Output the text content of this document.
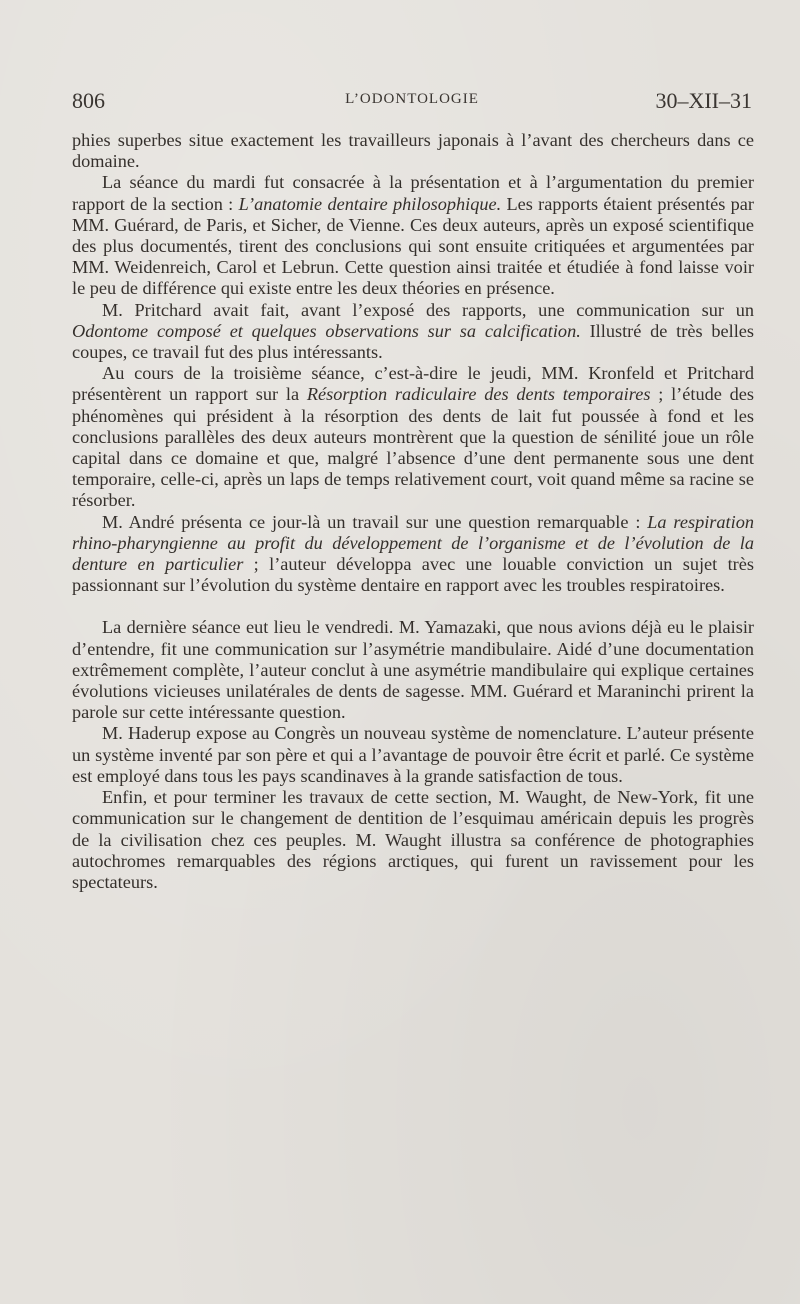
806	L’ODONTOLOGIE	30–XII–31

phies superbes situe exactement les travailleurs japonais à l’avant des chercheurs dans ce domaine.

La séance du mardi fut consacrée à la présentation et à l’argumentation du premier rapport de la section : L’anatomie dentaire philosophique. Les rapports étaient présentés par MM. Guérard, de Paris, et Sicher, de Vienne. Ces deux auteurs, après un exposé scientifique des plus documentés, tirent des conclusions qui sont ensuite critiquées et argumentées par MM. Weidenreich, Carol et Lebrun. Cette question ainsi traitée et étudiée à fond laisse voir le peu de différence qui existe entre les deux théories en présence.

M. Pritchard avait fait, avant l’exposé des rapports, une communication sur un Odontome composé et quelques observations sur sa calcification. Illustré de très belles coupes, ce travail fut des plus intéressants.

Au cours de la troisième séance, c’est-à-dire le jeudi, MM. Kronfeld et Pritchard présentèrent un rapport sur la Résorption radiculaire des dents temporaires ; l’étude des phénomènes qui président à la résorption des dents de lait fut poussée à fond et les conclusions parallèles des deux auteurs montrèrent que la question de sénilité joue un rôle capital dans ce domaine et que, malgré l’absence d’une dent permanente sous une dent temporaire, celle-ci, après un laps de temps relativement court, voit quand même sa racine se résorber.

M. André présenta ce jour-là un travail sur une question remarquable : La respiration rhino-pharyngienne au profit du développement de l’organisme et de l’évolution de la denture en particulier ; l’auteur développa avec une louable conviction un sujet très passionnant sur l’évolution du système dentaire en rapport avec les troubles respiratoires.

La dernière séance eut lieu le vendredi. M. Yamazaki, que nous avions déjà eu le plaisir d’entendre, fit une communication sur l’asymétrie mandibulaire. Aidé d’une documentation extrêmement complète, l’auteur conclut à une asymétrie mandibulaire qui explique certaines évolutions vicieuses unilatérales de dents de sagesse. MM. Guérard et Maraninchi prirent la parole sur cette intéressante question.

M. Haderup expose au Congrès un nouveau système de nomenclature. L’auteur présente un système inventé par son père et qui a l’avantage de pouvoir être écrit et parlé. Ce système est employé dans tous les pays scandinaves à la grande satisfaction de tous.

Enfin, et pour terminer les travaux de cette section, M. Waught, de New-York, fit une communication sur le changement de dentition de l’esquimau américain depuis les progrès de la civilisation chez ces peuples. M. Waught illustra sa conférence de photographies autochromes remarquables des régions arctiques, qui furent un ravissement pour les spectateurs.
